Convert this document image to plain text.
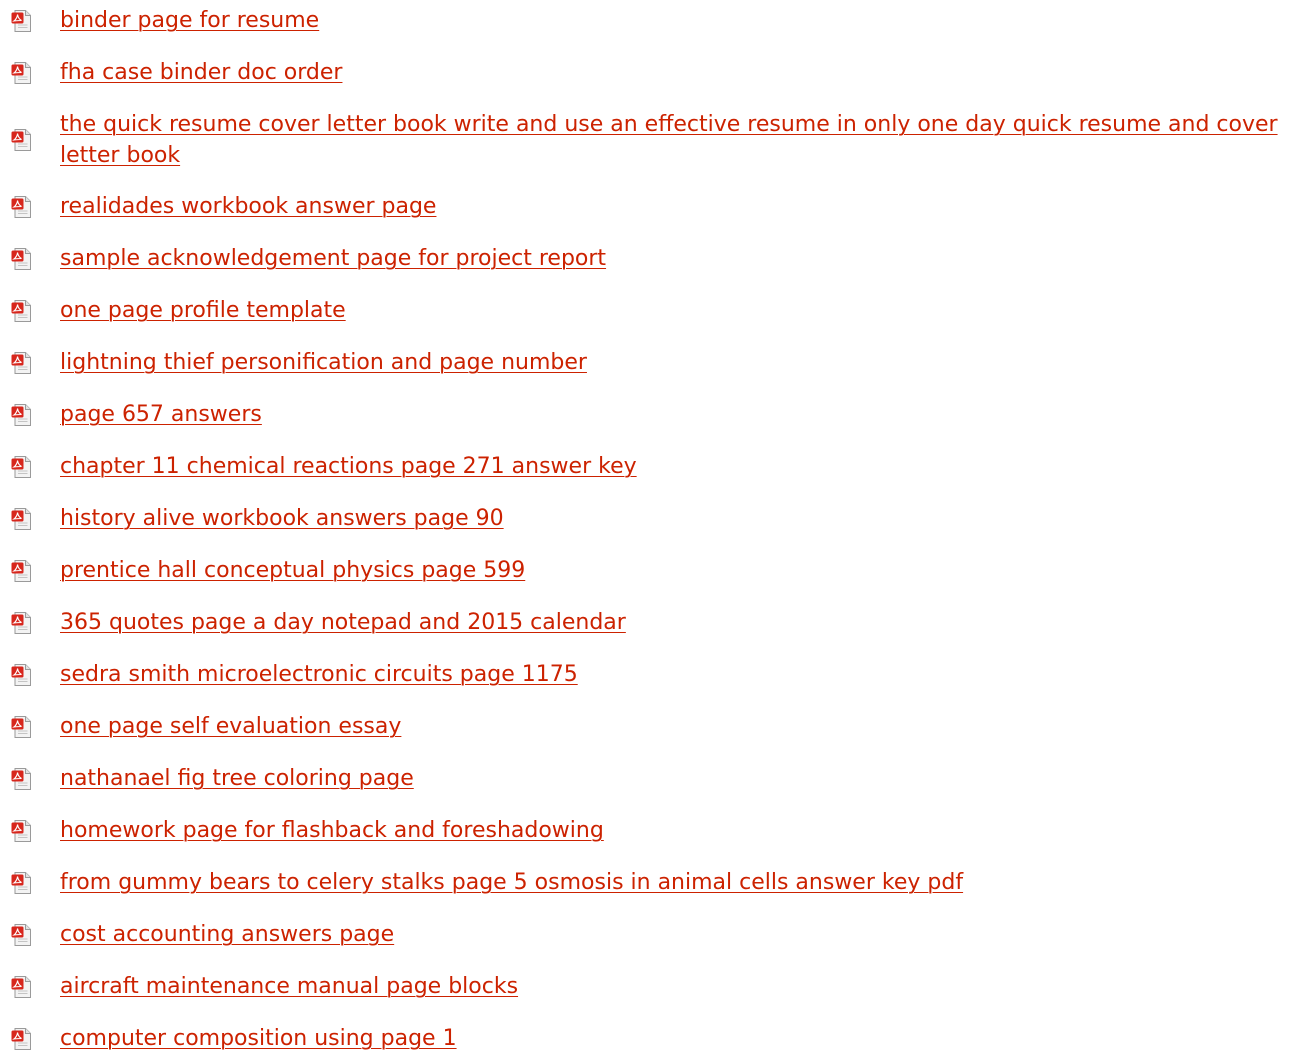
binder page for resume
fha case binder doc order
the quick resume cover letter book write and use an effective resume in only one day quick resume and cover letter book
realidades workbook answer page
sample acknowledgement page for project report
one page profile template
lightning thief personification and page number
page 657 answers
chapter 11 chemical reactions page 271 answer key
history alive workbook answers page 90
prentice hall conceptual physics page 599
365 quotes page a day notepad and 2015 calendar
sedra smith microelectronic circuits page 1175
one page self evaluation essay
nathanael fig tree coloring page
homework page for flashback and foreshadowing
from gummy bears to celery stalks page 5 osmosis in animal cells answer key pdf
cost accounting answers page
aircraft maintenance manual page blocks
computer composition using page 1
